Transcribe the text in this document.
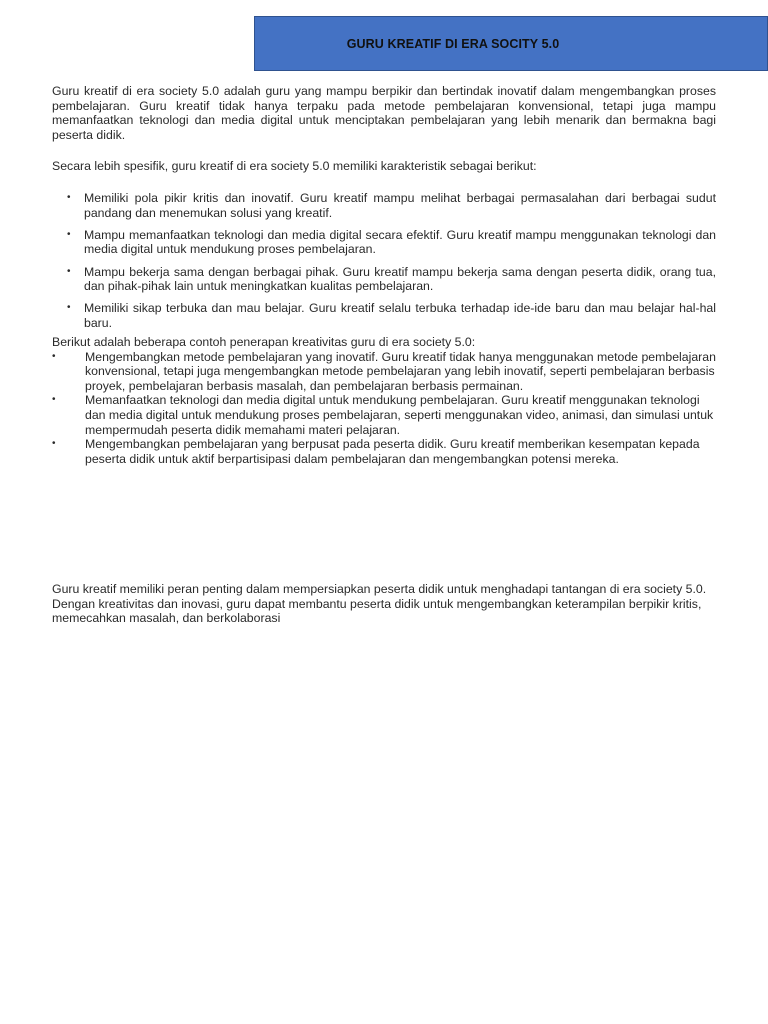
GURU KREATIF DI ERA SOCITY 5.0

Guru kreatif di era society 5.0 adalah guru yang mampu berpikir dan bertindak inovatif dalam mengembangkan proses pembelajaran. Guru kreatif tidak hanya terpaku pada metode pembelajaran konvensional, tetapi juga mampu memanfaatkan teknologi dan media digital untuk menciptakan pembelajaran yang lebih menarik dan bermakna bagi peserta didik.

Secara lebih spesifik, guru kreatif di era society 5.0 memiliki karakteristik sebagai berikut:

• Memiliki pola pikir kritis dan inovatif. Guru kreatif mampu melihat berbagai permasalahan dari berbagai sudut pandang dan menemukan solusi yang kreatif.
• Mampu memanfaatkan teknologi dan media digital secara efektif. Guru kreatif mampu menggunakan teknologi dan media digital untuk mendukung proses pembelajaran.
• Mampu bekerja sama dengan berbagai pihak. Guru kreatif mampu bekerja sama dengan peserta didik, orang tua, dan pihak-pihak lain untuk meningkatkan kualitas pembelajaran.
• Memiliki sikap terbuka dan mau belajar. Guru kreatif selalu terbuka terhadap ide-ide baru dan mau belajar hal-hal baru.

Berikut adalah beberapa contoh penerapan kreativitas guru di era society 5.0:

• Mengembangkan metode pembelajaran yang inovatif. Guru kreatif tidak hanya menggunakan metode pembelajaran konvensional, tetapi juga mengembangkan metode pembelajaran yang lebih inovatif, seperti pembelajaran berbasis proyek, pembelajaran berbasis masalah, dan pembelajaran berbasis permainan.
• Memanfaatkan teknologi dan media digital untuk mendukung pembelajaran. Guru kreatif menggunakan teknologi dan media digital untuk mendukung proses pembelajaran, seperti menggunakan video, animasi, dan simulasi untuk mempermudah peserta didik memahami materi pelajaran.
• Mengembangkan pembelajaran yang berpusat pada peserta didik. Guru kreatif memberikan kesempatan kepada peserta didik untuk aktif berpartisipasi dalam pembelajaran dan mengembangkan potensi mereka.

Guru kreatif memiliki peran penting dalam mempersiapkan peserta didik untuk menghadapi tantangan di era society 5.0. Dengan kreativitas dan inovasi, guru dapat membantu peserta didik untuk mengembangkan keterampilan berpikir kritis, memecahkan masalah, dan berkolaborasi
